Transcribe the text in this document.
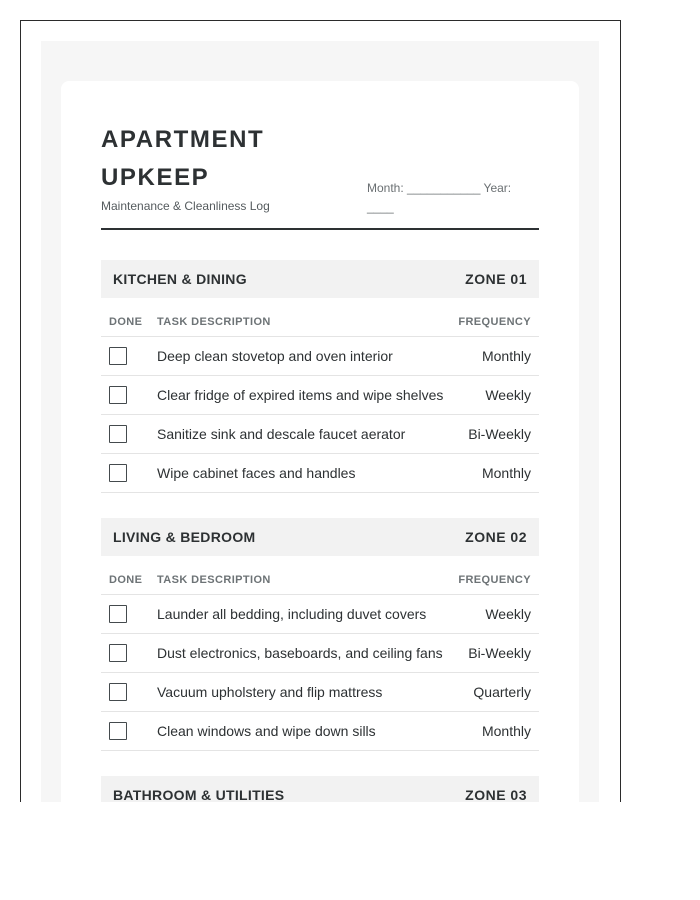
APARTMENT UPKEEP
Maintenance & Cleanliness Log
Month: ___________ Year: ____
KITCHEN & DINING	ZONE 01
DONE	TASK DESCRIPTION	FREQUENCY

	Deep clean stovetop and oven interior	Monthly

	Clear fridge of expired items and wipe shelves	Weekly

	Sanitize sink and descale faucet aerator	Bi-Weekly

	Wipe cabinet faces and handles	Monthly
LIVING & BEDROOM	ZONE 02
DONE	TASK DESCRIPTION	FREQUENCY

	Launder all bedding, including duvet covers	Weekly

	Dust electronics, baseboards, and ceiling fans	Bi-Weekly

	Vacuum upholstery and flip mattress	Quarterly

	Clean windows and wipe down sills	Monthly
BATHROOM & UTILITIES	ZONE 03
